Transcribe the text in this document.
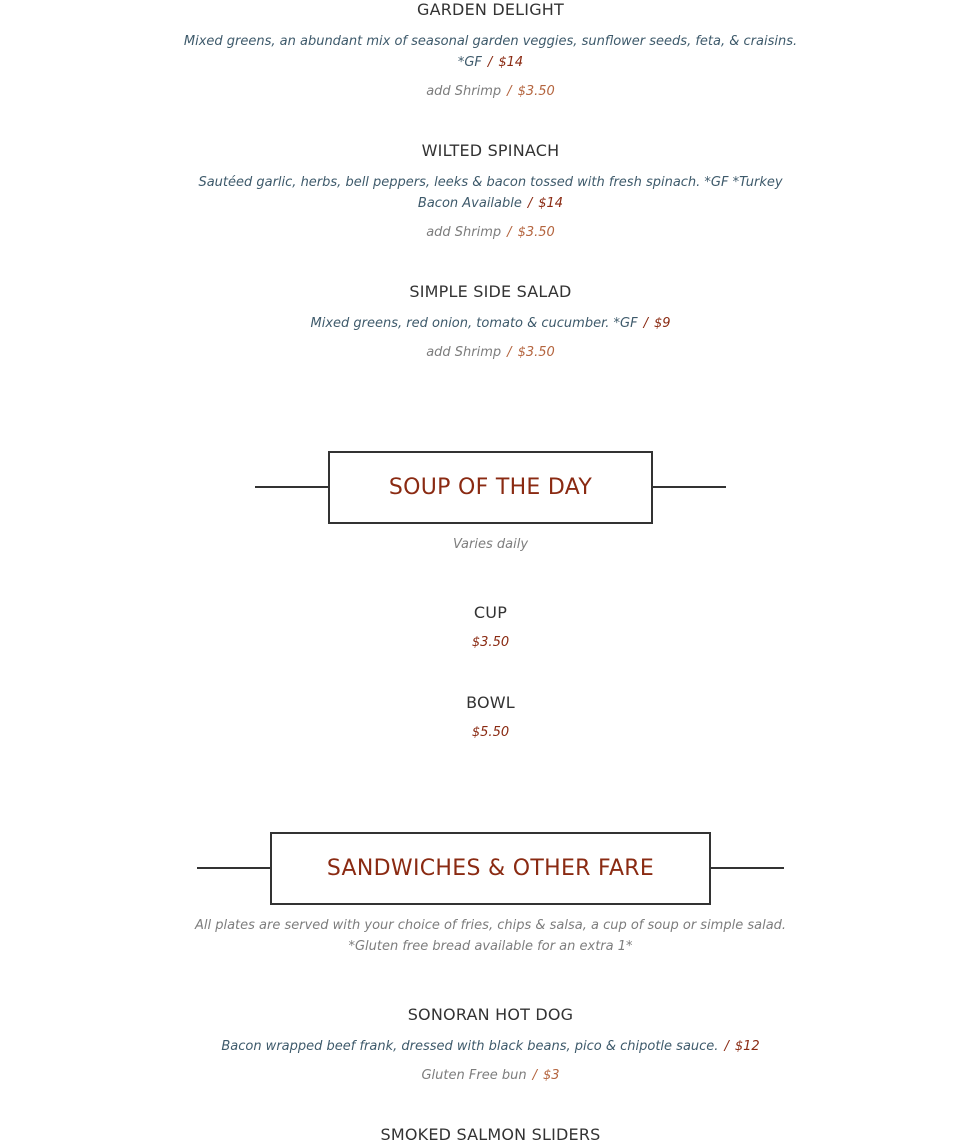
GARDEN DELIGHT
Mixed greens, an abundant mix of seasonal garden veggies, sunflower seeds, feta, & craisins.
*GF / $14
add Shrimp / $3.50
WILTED SPINACH
Sautéed garlic, herbs, bell peppers, leeks & bacon tossed with fresh spinach. *GF *Turkey
Bacon Available / $14
add Shrimp / $3.50
SIMPLE SIDE SALAD
Mixed greens, red onion, tomato & cucumber. *GF / $9
add Shrimp / $3.50
SOUP OF THE DAY
Varies daily
CUP
$3.50
BOWL
$5.50
SANDWICHES & OTHER FARE
All plates are served with your choice of fries, chips & salsa, a cup of soup or simple salad.
*Gluten free bread available for an extra 1*
SONORAN HOT DOG
Bacon wrapped beef frank, dressed with black beans, pico & chipotle sauce. / $12
Gluten Free bun / $3
SMOKED SALMON SLIDERS
